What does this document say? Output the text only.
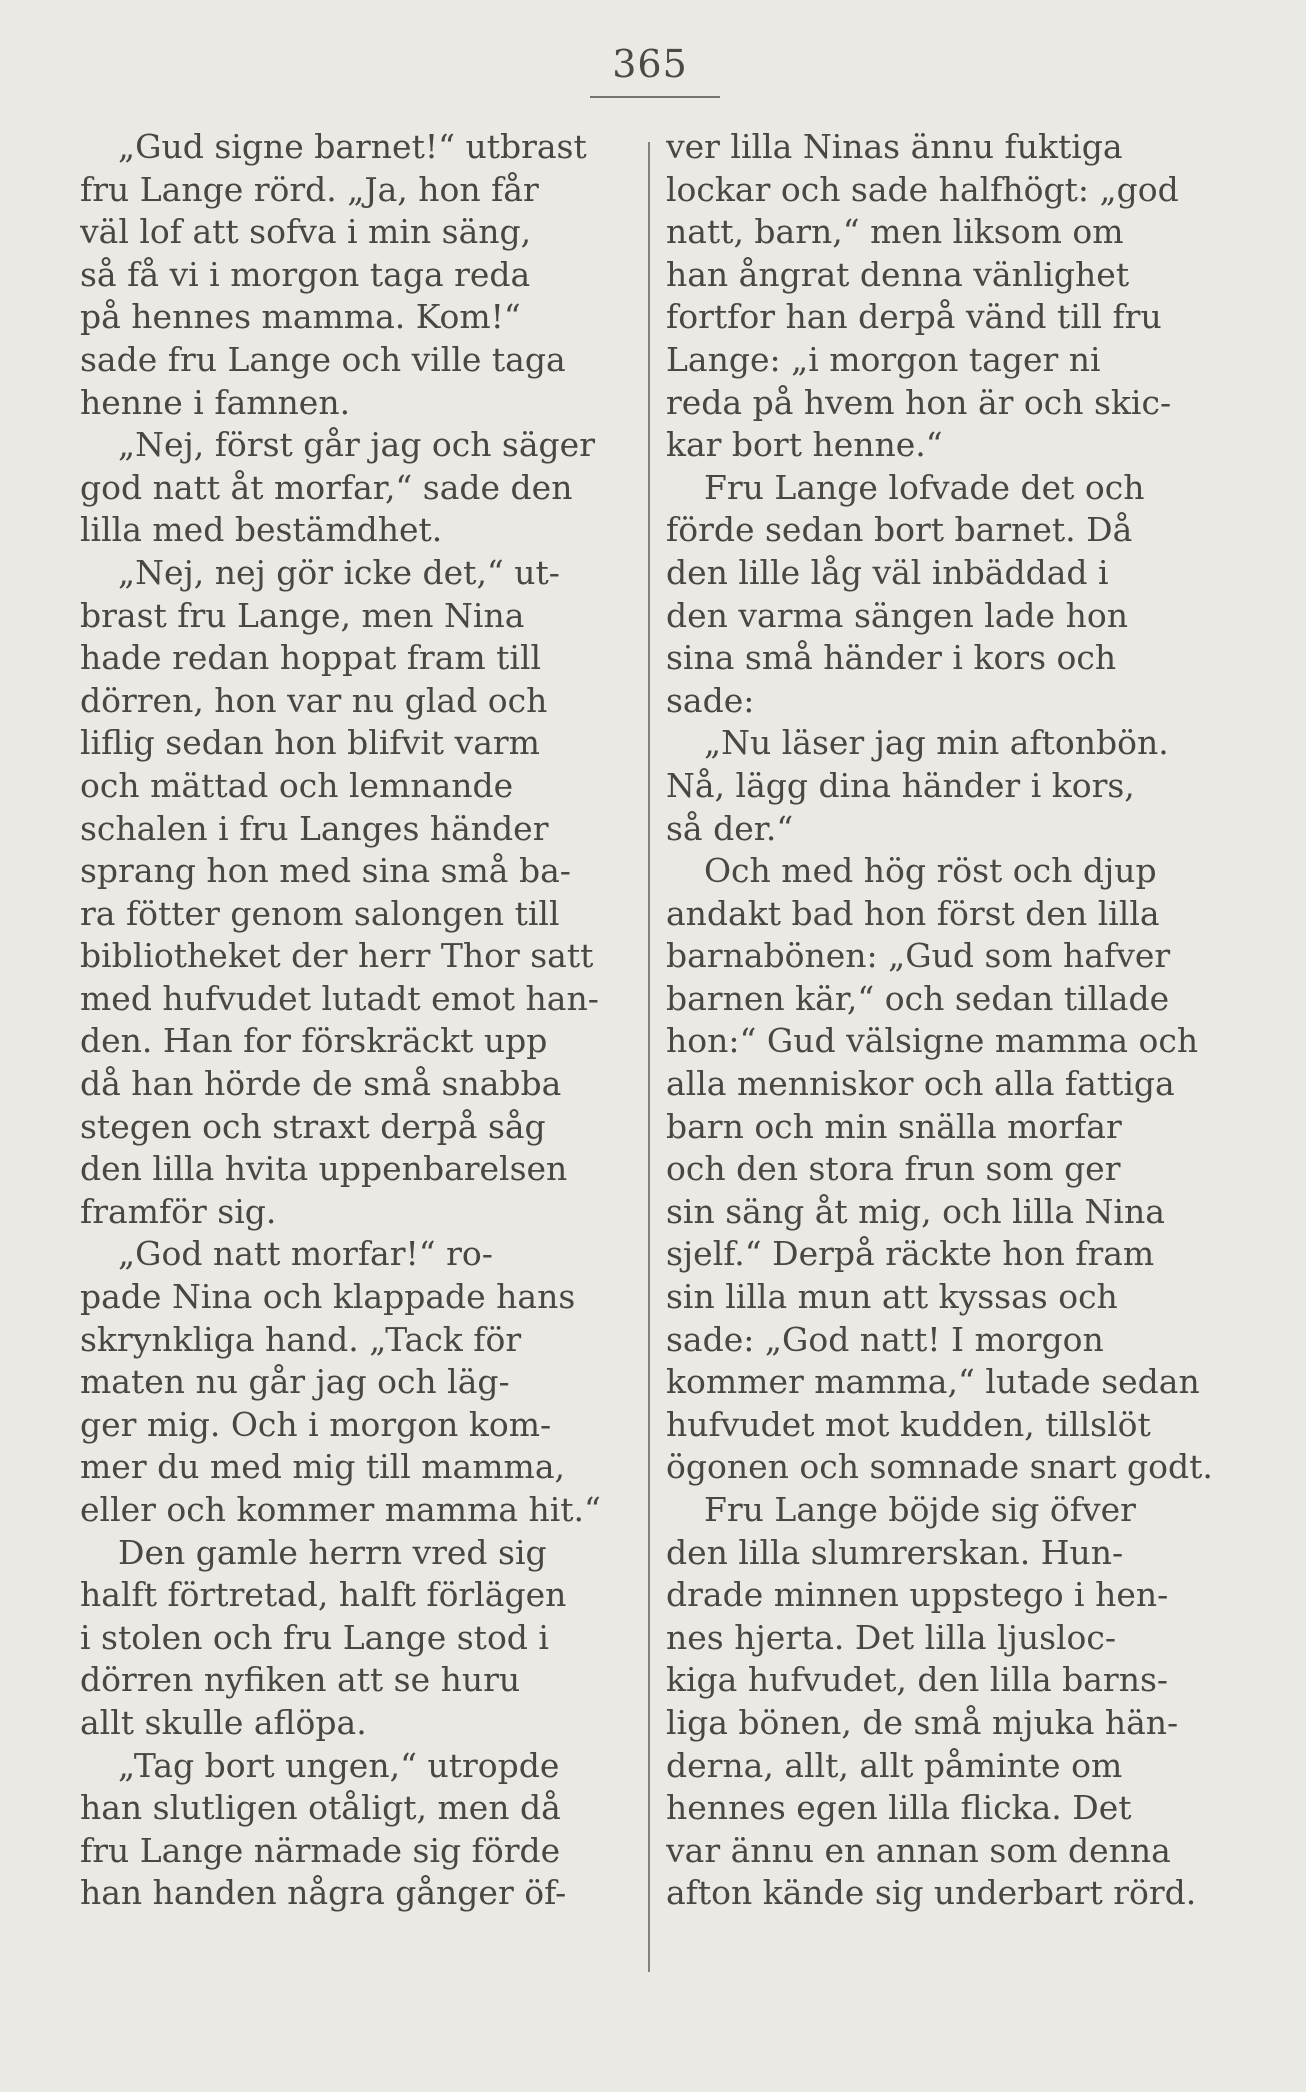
365
„Gud signe barnet!“ utbrast
fru Lange rörd. „Ja, hon får
väl lof att sofva i min säng,
så få vi i morgon taga reda
på hennes mamma. Kom!“
sade fru Lange och ville taga
henne i famnen.
„Nej, först går jag och säger
god natt åt morfar,“ sade den
lilla med bestämdhet.
„Nej, nej gör icke det,“ ut-
brast fru Lange, men Nina
hade redan hoppat fram till
dörren, hon var nu glad och
liflig sedan hon blifvit varm
och mättad och lemnande
schalen i fru Langes händer
sprang hon med sina små ba-
ra fötter genom salongen till
bibliotheket der herr Thor satt
med hufvudet lutadt emot han-
den. Han for förskräckt upp
då han hörde de små snabba
stegen och straxt derpå såg
den lilla hvita uppenbarelsen
framför sig.
„God natt morfar!“ ro-
pade Nina och klappade hans
skrynkliga hand. „Tack för
maten nu går jag och läg-
ger mig. Och i morgon kom-
mer du med mig till mamma,
eller och kommer mamma hit.“
Den gamle herrn vred sig
halft förtretad, halft förlägen
i stolen och fru Lange stod i
dörren nyfiken att se huru
allt skulle aflöpa.
„Tag bort ungen,“ utropde
han slutligen otåligt, men då
fru Lange närmade sig förde
han handen några gånger öf-
ver lilla Ninas ännu fuktiga
lockar och sade halfhögt: „god
natt, barn,“ men liksom om
han ångrat denna vänlighet
fortfor han derpå vänd till fru
Lange: „i morgon tager ni
reda på hvem hon är och skic-
kar bort henne.“
Fru Lange lofvade det och
förde sedan bort barnet. Då
den lille låg väl inbäddad i
den varma sängen lade hon
sina små händer i kors och
sade:
„Nu läser jag min aftonbön.
Nå, lägg dina händer i kors,
så der.“
Och med hög röst och djup
andakt bad hon först den lilla
barnabönen: „Gud som hafver
barnen kär,“ och sedan tillade
hon:“ Gud välsigne mamma och
alla menniskor och alla fattiga
barn och min snälla morfar
och den stora frun som ger
sin säng åt mig, och lilla Nina
sjelf.“ Derpå räckte hon fram
sin lilla mun att kyssas och
sade: „God natt! I morgon
kommer mamma,“ lutade sedan
hufvudet mot kudden, tillslöt
ögonen och somnade snart godt.
Fru Lange böjde sig öfver
den lilla slumrerskan. Hun-
drade minnen uppstego i hen-
nes hjerta. Det lilla ljusloc-
kiga hufvudet, den lilla barns-
liga bönen, de små mjuka hän-
derna, allt, allt påminte om
hennes egen lilla flicka. Det
var ännu en annan som denna
afton kände sig underbart rörd.
